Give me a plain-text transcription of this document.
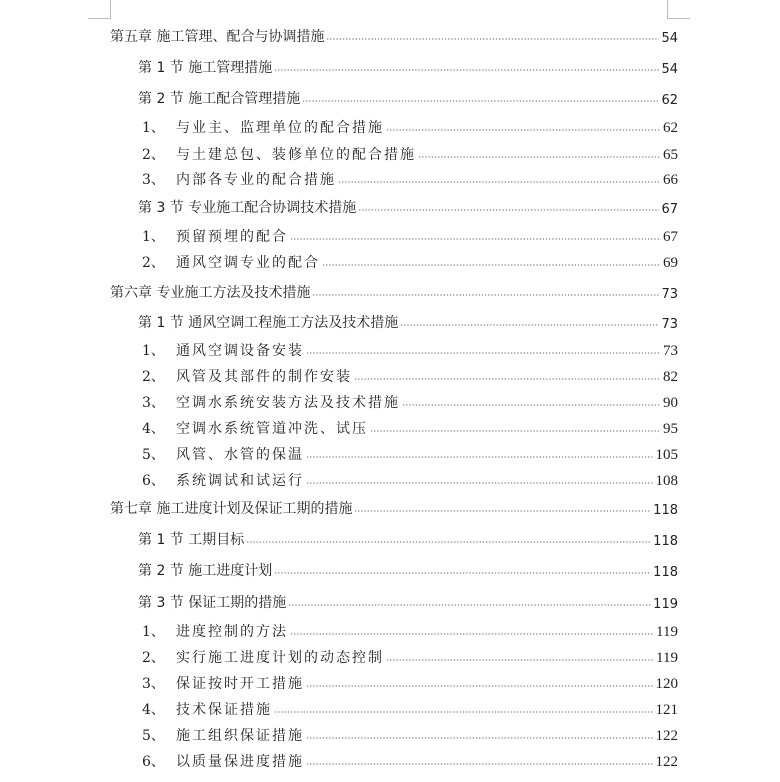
第五章 施工管理、配合与协调措施	54
第 1 节 施工管理措施	54
第 2 节 施工配合管理措施	62
1、 与业主、监理单位的配合措施	62
2、 与土建总包、装修单位的配合措施	65
3、 内部各专业的配合措施	66
第 3 节 专业施工配合协调技术措施	67
1、 预留预埋的配合	67
2、 通风空调专业的配合	69
第六章 专业施工方法及技术措施	73
第 1 节 通风空调工程施工方法及技术措施	73
1、 通风空调设备安装	73
2、 风管及其部件的制作安装	82
3、 空调水系统安装方法及技术措施	90
4、 空调水系统管道冲洗、试压	95
5、 风管、水管的保温	105
6、 系统调试和试运行	108
第七章 施工进度计划及保证工期的措施	118
第 1 节 工期目标	118
第 2 节 施工进度计划	118
第 3 节 保证工期的措施	119
1、 进度控制的方法	119
2、 实行施工进度计划的动态控制	119
3、 保证按时开工措施	120
4、 技术保证措施	121
5、 施工组织保证措施	122
6、 以质量保进度措施	122
